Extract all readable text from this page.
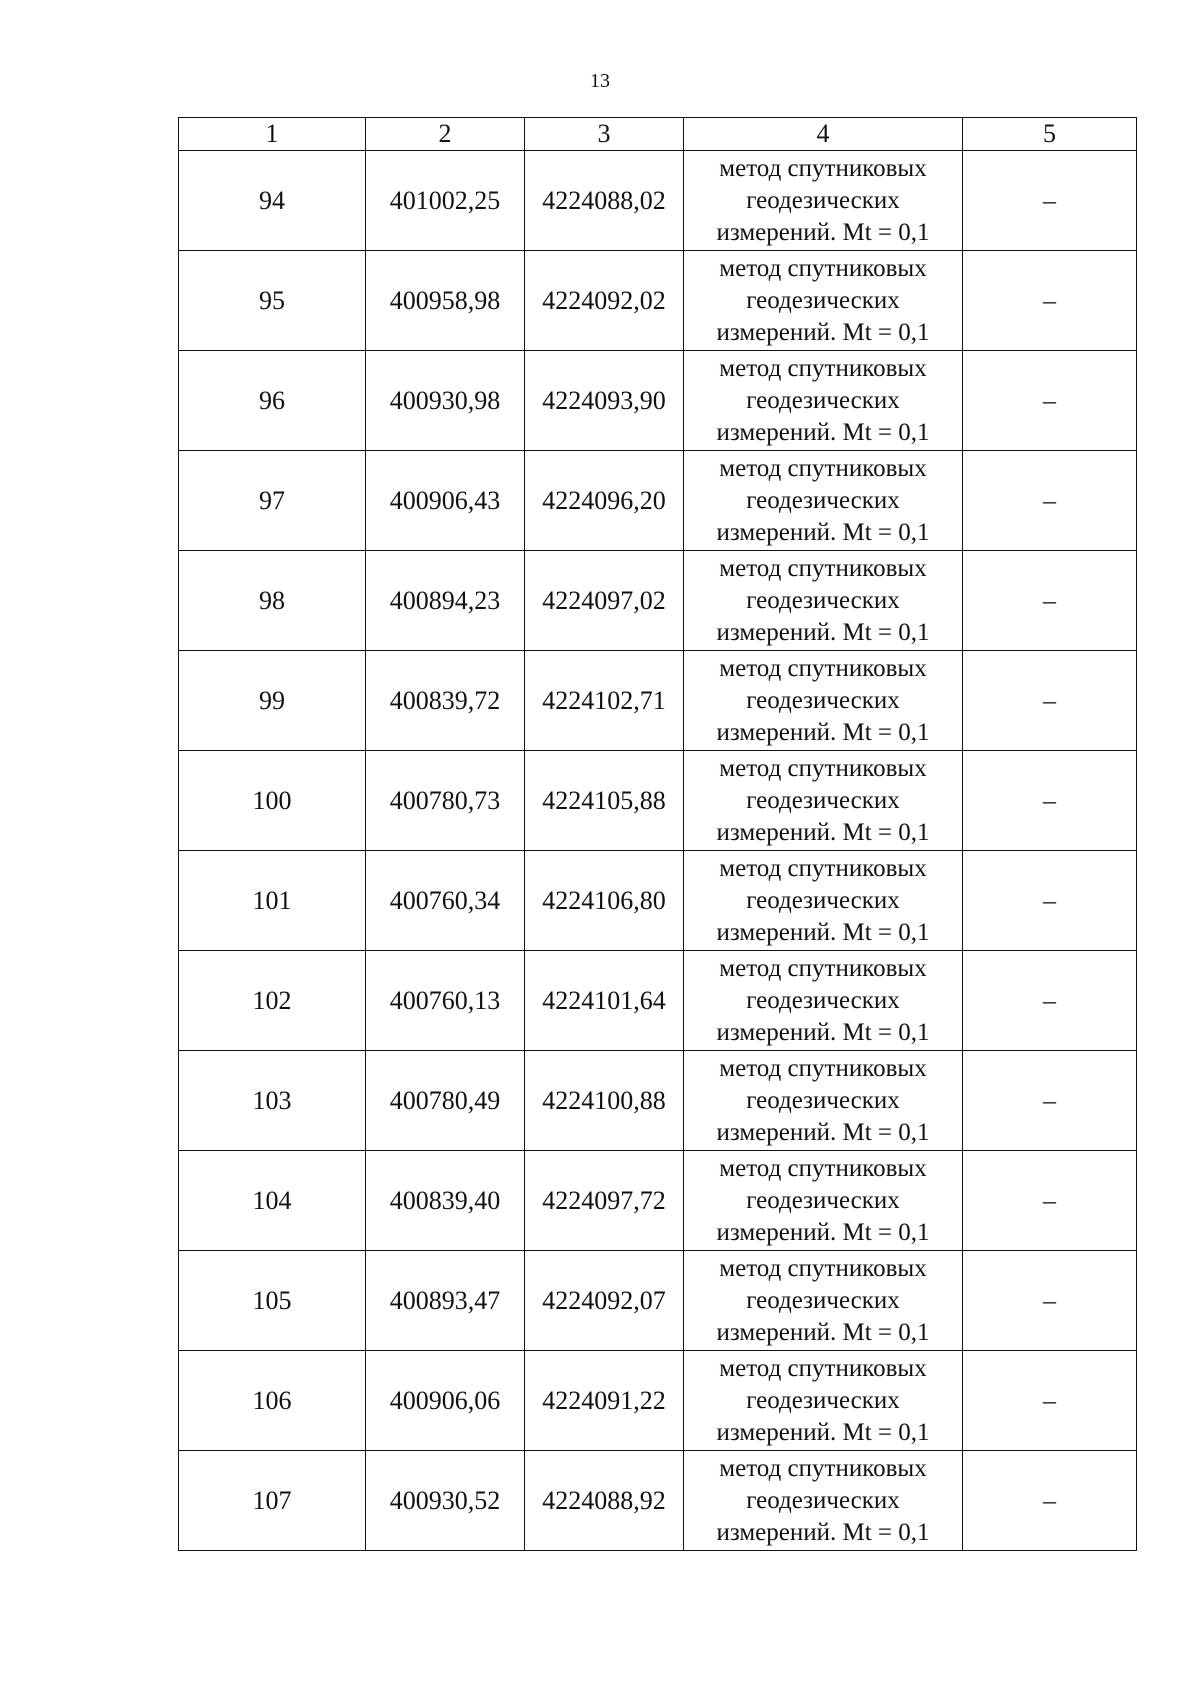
13
1	2	3	4	5
94	401002,25	4224088,02	метод спутниковых
геодезических
измерений. Mt = 0,1	–
95	400958,98	4224092,02	метод спутниковых
геодезических
измерений. Mt = 0,1	–
96	400930,98	4224093,90	метод спутниковых
геодезических
измерений. Mt = 0,1	–
97	400906,43	4224096,20	метод спутниковых
геодезических
измерений. Mt = 0,1	–
98	400894,23	4224097,02	метод спутниковых
геодезических
измерений. Mt = 0,1	–
99	400839,72	4224102,71	метод спутниковых
геодезических
измерений. Mt = 0,1	–
100	400780,73	4224105,88	метод спутниковых
геодезических
измерений. Mt = 0,1	–
101	400760,34	4224106,80	метод спутниковых
геодезических
измерений. Mt = 0,1	–
102	400760,13	4224101,64	метод спутниковых
геодезических
измерений. Mt = 0,1	–
103	400780,49	4224100,88	метод спутниковых
геодезических
измерений. Mt = 0,1	–
104	400839,40	4224097,72	метод спутниковых
геодезических
измерений. Mt = 0,1	–
105	400893,47	4224092,07	метод спутниковых
геодезических
измерений. Mt = 0,1	–
106	400906,06	4224091,22	метод спутниковых
геодезических
измерений. Mt = 0,1	–
107	400930,52	4224088,92	метод спутниковых
геодезических
измерений. Mt = 0,1	–
